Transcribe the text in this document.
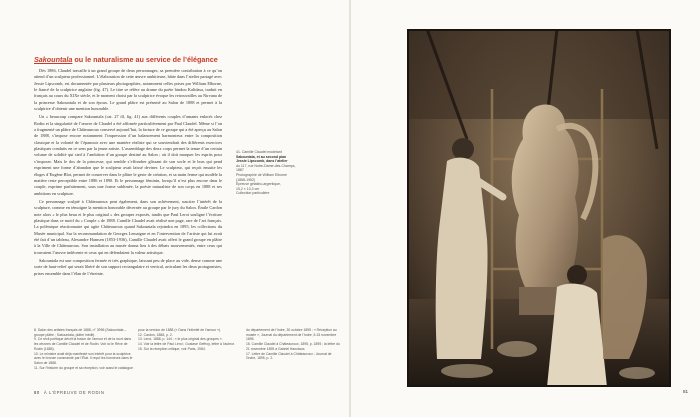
Sakountala ou le naturalisme au service de l’élégance

Dès 1886, Claudel travaille à un grand groupe de deux personnages, sa première contribution à ce qu’on attend d’un sculpteur professionnel. L’élaboration de cette œuvre ambitieuse, bâtie dans l’atelier partagé avec Jessie Lipscomb, est documentée par plusieurs photographies, notamment celles prises par William Elborne, le fiancé de la sculptrice anglaise (fig. 47). Le titre se réfère au drame du poète hindou Kalidasa, traduit en français au cours du XIXe siècle, et le moment choisi par la sculptrice évoque les retrouvailles au Nirvana de la princesse Sakountala et de son époux. Le grand plâtre est présenté au Salon de 1888 et permet à la sculptrice d’obtenir une mention honorable.

Un « beaucoup compare Sakountala (cat. 27 ill, fig. 41) aux différents couples d’amants enlacés chez Rodin et la singularité de l’œuvre de Claudel a été affirmée particulièrement par Paul Claudel. Même si l’on a fragmenté un plâtre de Châteauroux conservé aujourd’hui, la facture de ce groupe qui a été aperçu au Salon de 1888, s’impose encore notamment l’impression d’un balancement harmonieux entre la composition classique et la volonté de l’épanouir avec une manière réaliste qui se souviendrait des différents exercices plastiques conduits en ce sens par la jeune artiste. L’assemblage des deux corps permet la tenue d’un certain volume de solidité qui sied à l’ambition d’un groupe destiné au Salon ; où il doit marquer les esprits pour s’imposer. Mais le dos de la princesse, qui semble s’effondrer glissant de son socle et le bras qui pend expriment une forme d’abandon que le sculpteur avait laissé deviner. Le sculpteur, qui reçoit ensuite les éloges d’Eugène Blot, permet de conserver dans le plâtre le geste de création, et sa main ferme qui modèle la matière reste perceptible entre 1886 et 1890. Et le personnage féminin, lorsqu’il n’est plus encore dans le couple, exprime parfaitement, sous une forme sublimée, la poésie naturaliste de son corps en 1888 et ses ambitions en sculpture.

Ce personnage sculpté à Châteauroux peut également, dans son achèvement, susciter l’intérêt de la sculpture, comme en témoigne la mention honorable décernée au groupe par le jury du Salon. Émile Cardon note alors « le plus beau et le plus original » des groupes exposés, tandis que Paul Leroi souligne l’écriture plastique dans ce motif du « Couple » de 1888. Camille Claudel avait réalisé une page, rare de l’art français. La polémique réactionnaire qui agite Châteauroux quand Sakountala rejoindra en 1895, les collections du Musée municipal. Sur la recommandation de Georges Lemaigne et en l’intervention de l’artiste qui lui avait été fait d’un tableau, Alexandre Hamsen (1853-1936), Camille Claudel avait offert le grand groupe en plâtre à la Ville de Châteauroux. Son installation au musée donna lieu à des débats mouvementés, entre ceux qui trouvaient l’œuvre indécente et ceux qui en défendaient la valeur artistique.

Sakountala est une composition fermée et très graphique, laissant peu de place au vide, dense comme une sorte de haut-relief qui serait libéré de son support rectangulaire et vertical, articulant les deux protagonistes, prises ensemble dans l’élan de l’étreinte.

8. Salon des artistes français de 1888, n° 3996 (Sakountala – groupe plâtre ; Sakountala, plâtre inédit).

9. Ce récit poétique décrit la fusion de l’amour et de la mort dans les œuvres de Camille Claudel et de Rodin. Voir ici le Rêve de Rodin (1885).

10. Le ministre avait déjà manifesté son intérêt pour la sculptrice avec le bronze commandé par l’État. Il reçut les honneurs dans le Salon de 1888.

11. Sur l’histoire du groupe et sa réception, voir aussi le catalogue.

pour la version de 1888 (« Dans l’intimité de l’amour »).

12. Cardon, 1888, p. 2.

13. Leroi, 1888, p. 144 ; « le plus original des groupes ».

14. Voir la lettre de Paul Leroi ; Gustave Geffroy, lettre à l’auteur.

15. Sur la réception critique, voir Paris, 1984.

du département de l’Indre, 30 octobre 1895 ; « Réception au musée », Journal du département de l’Indre, 5-15 novembre 1895.

16. Camille Claudel à Châteauroux, 1895, p. 1895 ; la lettre du 21 novembre 1895 à Gabriel Hanotaux.

17. Lettre de Camille Claudel à Châteauroux ; Journal de l’Indre, 1895, p. 2.

80 À L’ÉPREUVE DE RODIN	81

41. Camille Claudel modelant

Sakountala, et au second plan

Jessie Lipscomb, dans l’atelier

du 117, rue Notre-Dame-des-Champs,

1887

Photographie de William Elborne

(1858-1952)

Épreuve gélatino-argentique,

15,2 × 10,3 cm

Collection particulière
